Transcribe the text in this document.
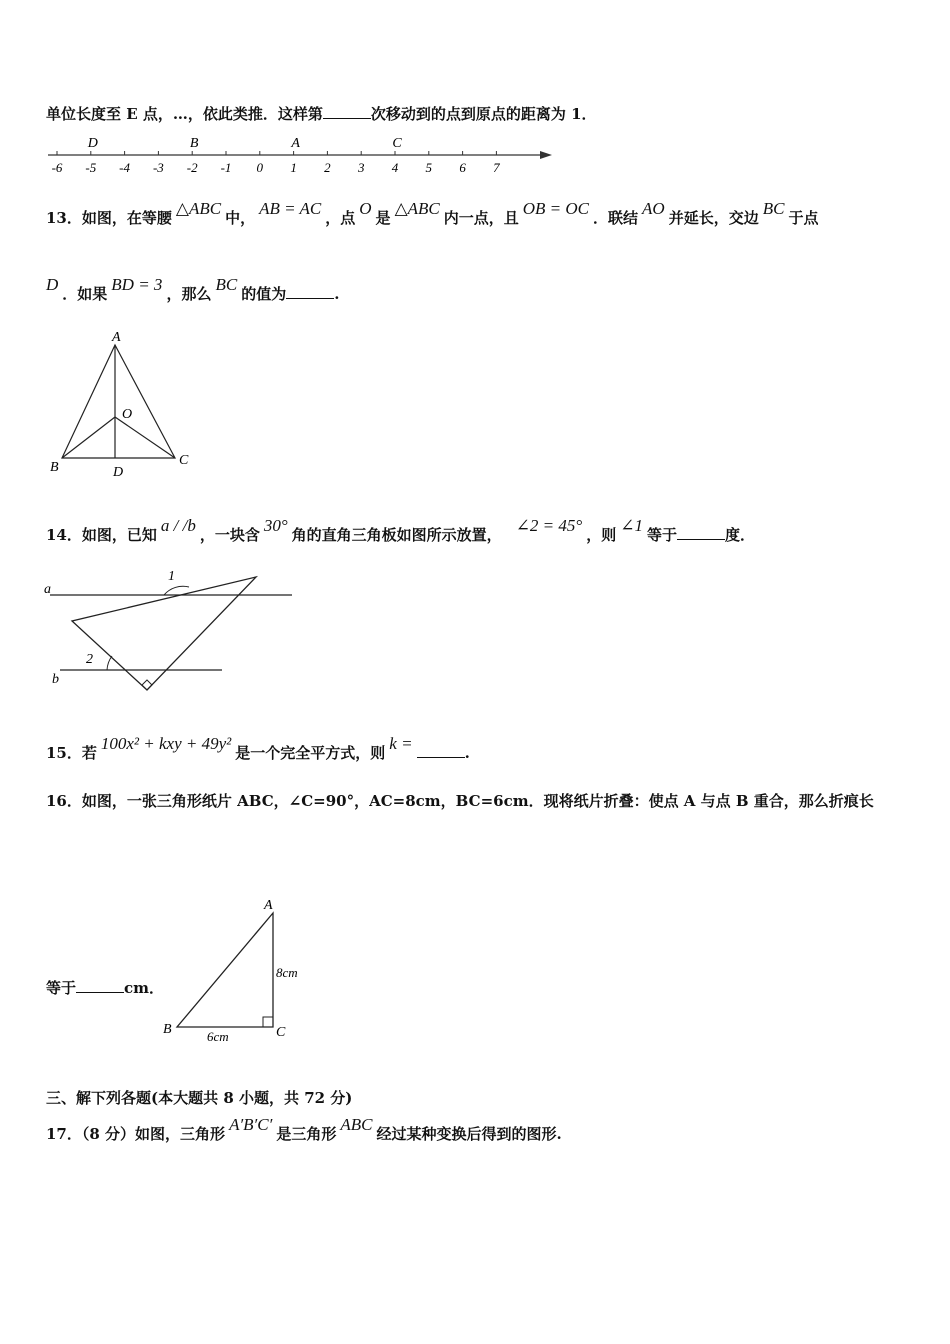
单位长度至 E 点，…，依此类推．这样第	次移动到的点到原点的距离为 1．
-6 -5 -4 -3 -2 -1 0 1 2 3 4 5 6 7
D	B	A	C
13．如图，在等腰 △ABC 中， AB = AC ，点 O 是 △ABC 内一点，且 OB = OC ．联结 AO 并延长，交边 BC 于点
D ．如果 BD = 3 ，那么 BC 的值为	.
A
O
B	D
C
14．如图，已知 a / /b ，一块含 30° 角的直角三角板如图所示放置， ∠2 = 45° ，则 ∠1 等于	度．
a
b
1
2
15．若 100x² + kxy + 49y² 是一个完全平方式，则 k =	.
16．如图，一张三角形纸片 ABC，∠C=90°，AC=8cm，BC=6cm．现将纸片折叠：使点 A 与点 B 重合，那么折痕长
等于	cm．
A
B	C
8cm
6cm
三、解下列各题(本大题共 8 小题，共 72 分)
17．（8 分）如图，三角形 A′B′C′ 是三角形 ABC 经过某种变换后得到的图形.
